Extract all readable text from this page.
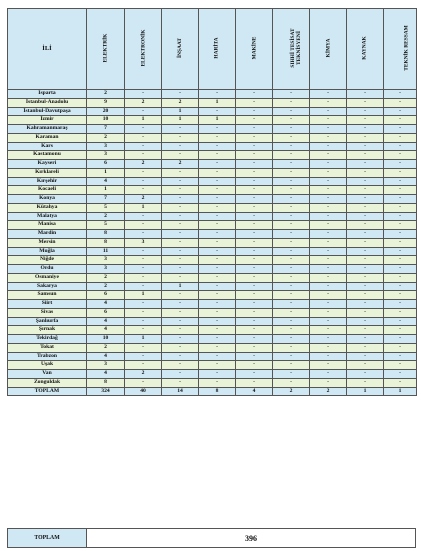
İLİ	ELEKTRİK	ELEKTRONİK	İNŞAAT	HARİTA	MAKİNE	SIHHİ TESİSAT TEKNİSYENİ	KİMYA	KAYNAK	TEKNİK RESSAM
Isparta	2	-	-	-	-	-	-	-	-
İstanbul-Anadolu	9	2	2	1	-	-	-	-	-
İstanbul-Davutpaşa	20	-	1	-	-	-	-	-	-
İzmir	10	1	1	1	-	-	-	-	-
Kahramanmaraş	7	-	-	-	-	-	-	-	-
Karaman	2	-	-	-	-	-	-	-	-
Kars	3	-	-	-	-	-	-	-	-
Kastamonu	3	-	-	-	-	-	-	-	-
Kayseri	6	2	2	-	-	-	-	-	-
Kırklareli	1	-	-	-	-	-	-	-	-
Kırşehir	4	-	-	-	-	-	-	-	-
Kocaeli	1	-	-	-	-	-	-	-	-
Konya	7	2	-	-	-	-	-	-	-
Kütahya	5	1	-	-	-	-	-	-	-
Malatya	2	-	-	-	-	-	-	-	-
Manisa	5	-	-	-	-	-	-	-	-
Mardin	8	-	-	-	-	-	-	-	-
Mersin	8	3	-	-	-	-	-	-	-
Muğla	11	-	-	-	-	-	-	-	-
Niğde	3	-	-	-	-	-	-	-	-
Ordu	3	-	-	-	-	-	-	-	-
Osmaniye	2	-	-	-	-	-	-	-	-
Sakarya	2	-	1	-	-	-	-	-	-
Samsun	6	1	-	-	-	-	-	-	-
Siirt	4	-	-	-	-	-	-	-	-
Sivas	6	-	-	-	-	-	-	-	-
Şanlıurfa	4	-	-	-	-	-	-	-	-
Şırnak	4	-	-	-	-	-	-	-	-
Tekirdağ	10	1	-	-	-	-	-	-	-
Tokat	2	-	-	-	-	-	-	-	-
Trabzon	4	-	-	-	-	-	-	-	-
Uşak	3	-	-	-	-	-	-	-	-
Van	4	2	-	-	-	-	-	-	-
Zonguldak	8	-	-	-	-	-	-	-	-
TOPLAM	324	40	14	8	4	2	2	1	1
TOPLAM	396
